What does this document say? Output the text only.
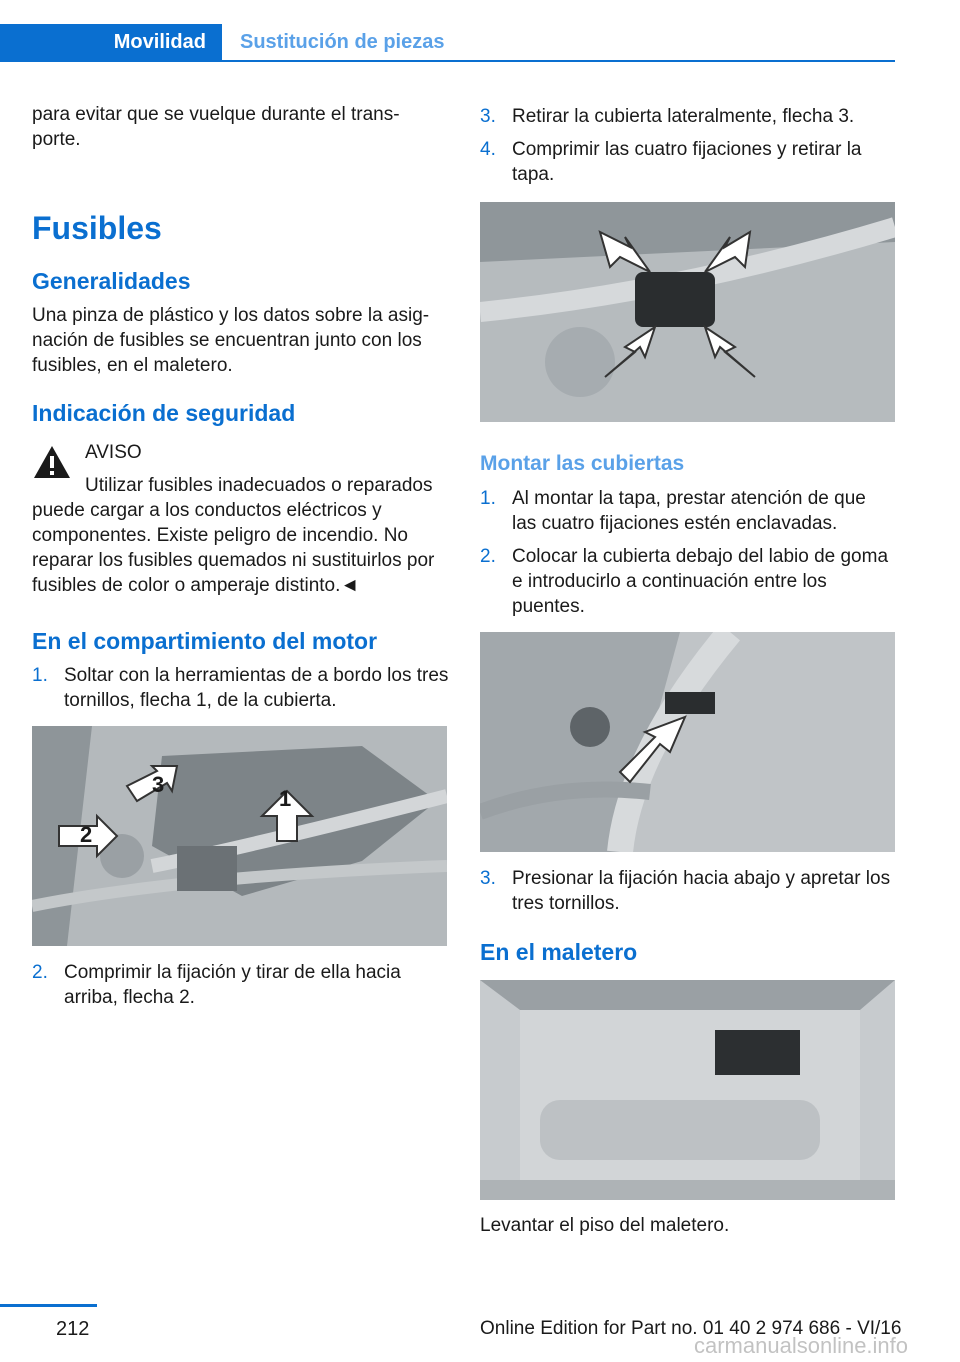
Movilidad	Sustitución de piezas

para evitar que se vuelque durante el trans‐ porte.

Fusibles
Generalidades

Una pinza de plástico y los datos sobre la asig‐ nación de fusibles se encuentran junto con los fusibles, en el maletero.

Indicación de seguridad

AVISO

Utilizar fusibles inadecuados o reparados puede cargar a los conductos eléctricos y componentes. Existe peligro de incendio. No reparar los fusibles quemados ni sustituirlos por fusibles de color o amperaje distinto.◄

En el compartimiento del motor
1. Soltar con la herramientas de a bordo los tres tornillos, flecha 1, de la cubierta.
1
2
3
2. Comprimir la fijación y tirar de ella hacia arriba, flecha 2.
3. Retirar la cubierta lateralmente, flecha 3.
4. Comprimir las cuatro fijaciones y retirar la tapa.
Montar las cubiertas
1. Al montar la tapa, prestar atención de que las cuatro fijaciones estén enclavadas.
2. Colocar la cubierta debajo del labio de goma e introducirlo a continuación entre los puentes.
3. Presionar la fijación hacia abajo y apretar los tres tornillos.
En el maletero

Levantar el piso del maletero.

212	Online Edition for Part no. 01 40 2 974 686 - VI/16
carmanualsonline.info
